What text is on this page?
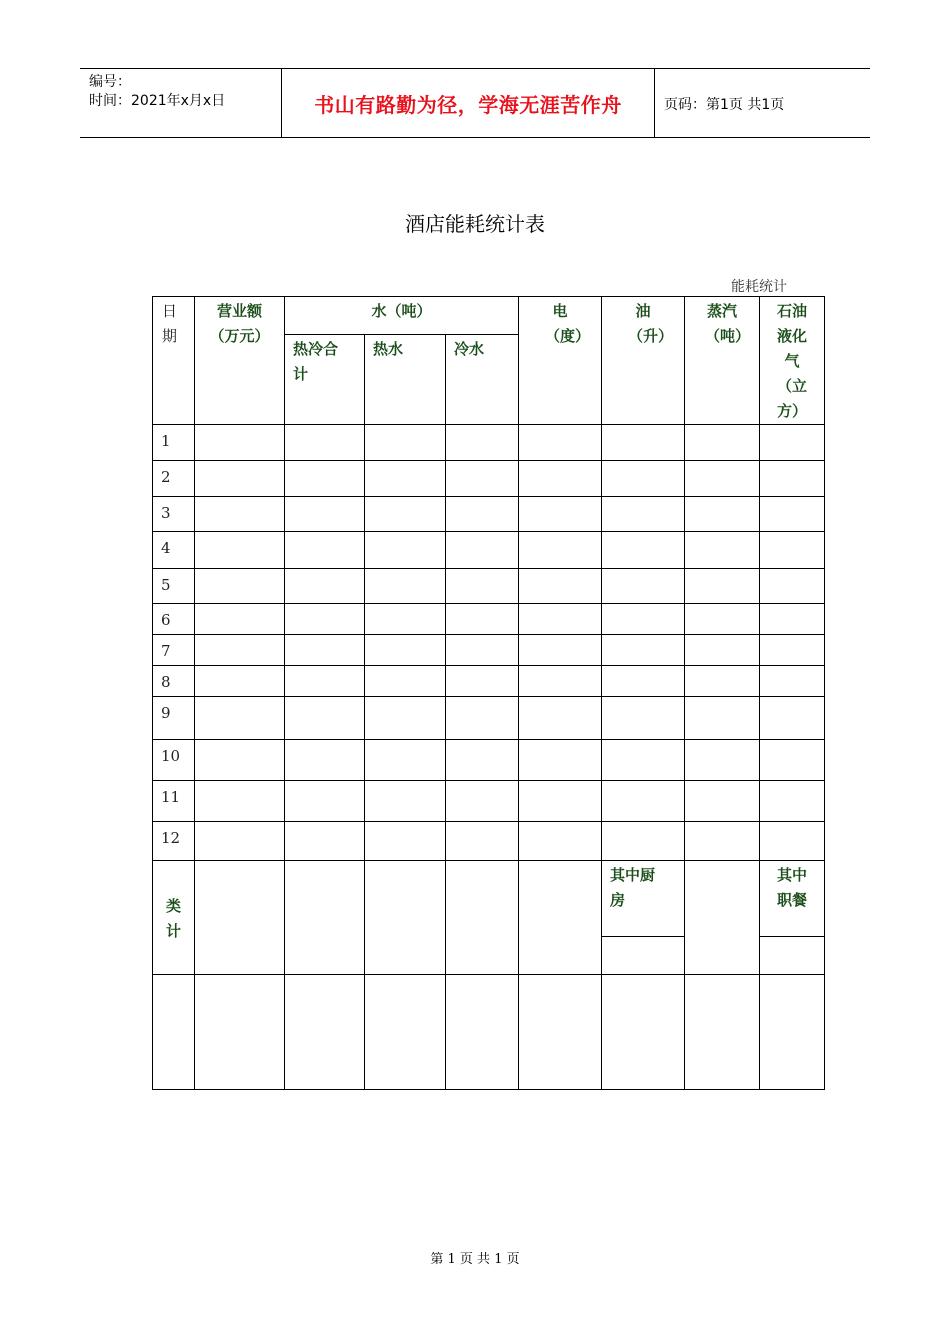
编号：
时间：2021年x月x日	书山有路勤为径，学海无涯苦作舟	页码：第1页 共1页
酒店能耗统计表
能耗统计
日期	营业额（万元）	水（吨）			电（度）	油（升）	蒸汽（吨）	石油液化气（立方）

		热冷合计	热水	冷水				
1								
2								
3								
4								
5								
6								
7								
8								
9								
10								
11								
12								

类计						其中厨房		其中职餐

第 1 页 共 1 页
